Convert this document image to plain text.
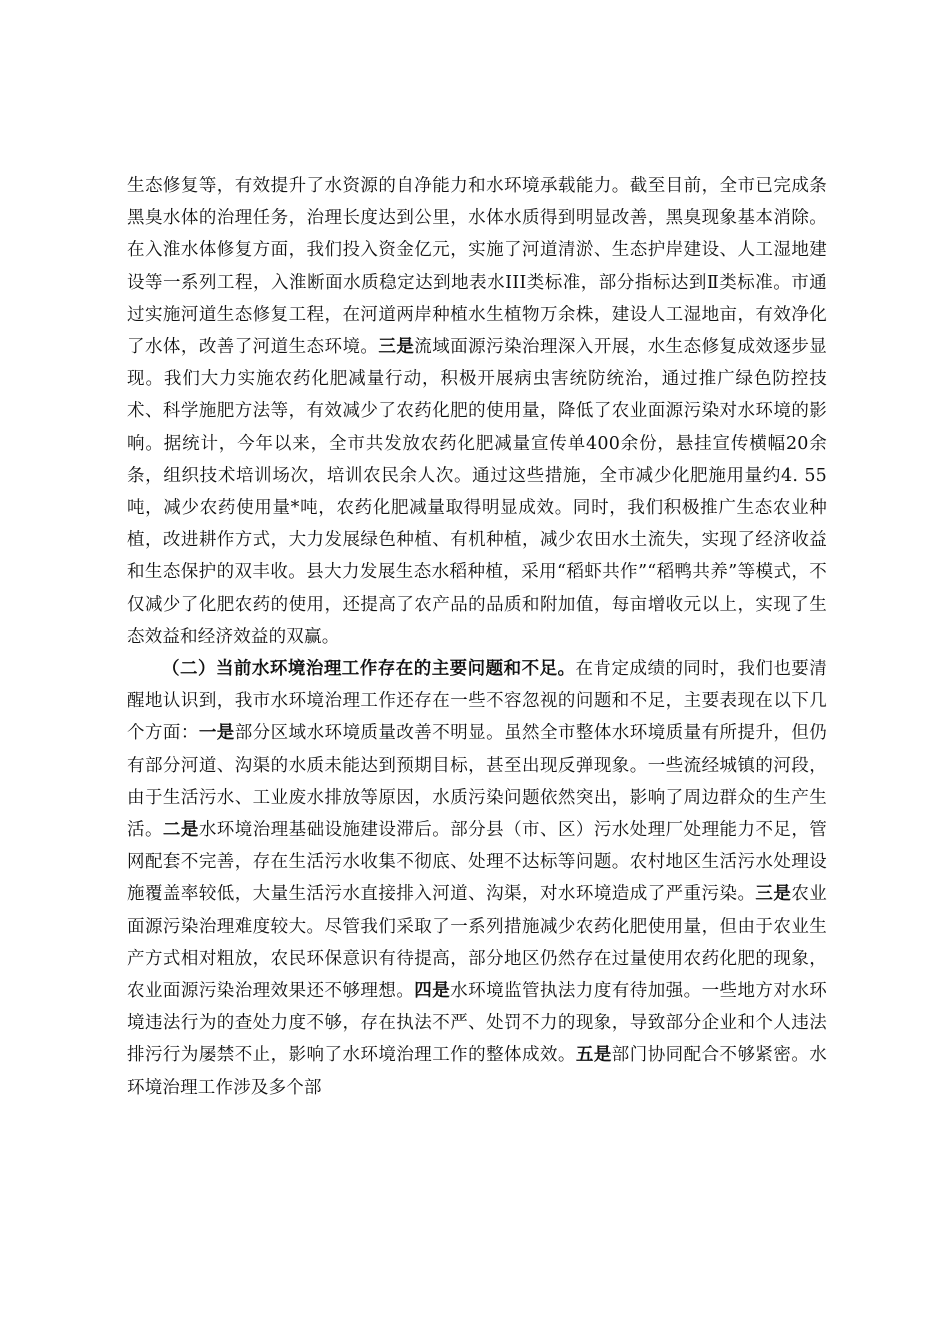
生态修复等，有效提升了水资源的自净能力和水环境承载能力。截至目前，全市已完成条黑臭水体的治理任务，治理长度达到公里，水体水质得到明显改善，黑臭现象基本消除。在入淮水体修复方面，我们投入资金亿元，实施了河道清淤、生态护岸建设、人工湿地建设等一系列工程，入淮断面水质稳定达到地表水III类标准，部分指标达到Ⅱ类标准。市通过实施河道生态修复工程，在河道两岸种植水生植物万余株，建设人工湿地亩，有效净化了水体，改善了河道生态环境。三是流域面源污染治理深入开展，水生态修复成效逐步显现。我们大力实施农药化肥减量行动，积极开展病虫害统防统治，通过推广绿色防控技术、科学施肥方法等，有效减少了农药化肥的使用量，降低了农业面源污染对水环境的影响。据统计，今年以来，全市共发放农药化肥减量宣传单400余份，悬挂宣传横幅20余条，组织技术培训场次，培训农民余人次。通过这些措施，全市减少化肥施用量约4. 55吨，减少农药使用量*吨，农药化肥减量取得明显成效。同时，我们积极推广生态农业种植，改进耕作方式，大力发展绿色种植、有机种植，减少农田水土流失，实现了经济收益和生态保护的双丰收。县大力发展生态水稻种植，采用“稻虾共作”“稻鸭共养”等模式，不仅减少了化肥农药的使用，还提高了农产品的品质和附加值，每亩增收元以上，实现了生态效益和经济效益的双赢。

（二）当前水环境治理工作存在的主要问题和不足。在肯定成绩的同时，我们也要清醒地认识到，我市水环境治理工作还存在一些不容忽视的问题和不足，主要表现在以下几个方面：一是部分区域水环境质量改善不明显。虽然全市整体水环境质量有所提升，但仍有部分河道、沟渠的水质未能达到预期目标，甚至出现反弹现象。一些流经城镇的河段，由于生活污水、工业废水排放等原因，水质污染问题依然突出，影响了周边群众的生产生活。二是水环境治理基础设施建设滞后。部分县（市、区）污水处理厂处理能力不足，管网配套不完善，存在生活污水收集不彻底、处理不达标等问题。农村地区生活污水处理设施覆盖率较低，大量生活污水直接排入河道、沟渠，对水环境造成了严重污染。三是农业面源污染治理难度较大。尽管我们采取了一系列措施减少农药化肥使用量，但由于农业生产方式相对粗放，农民环保意识有待提高，部分地区仍然存在过量使用农药化肥的现象，农业面源污染治理效果还不够理想。四是水环境监管执法力度有待加强。一些地方对水环境违法行为的查处力度不够，存在执法不严、处罚不力的现象，导致部分企业和个人违法排污行为屡禁不止，影响了水环境治理工作的整体成效。五是部门协同配合不够紧密。水环境治理工作涉及多个部
